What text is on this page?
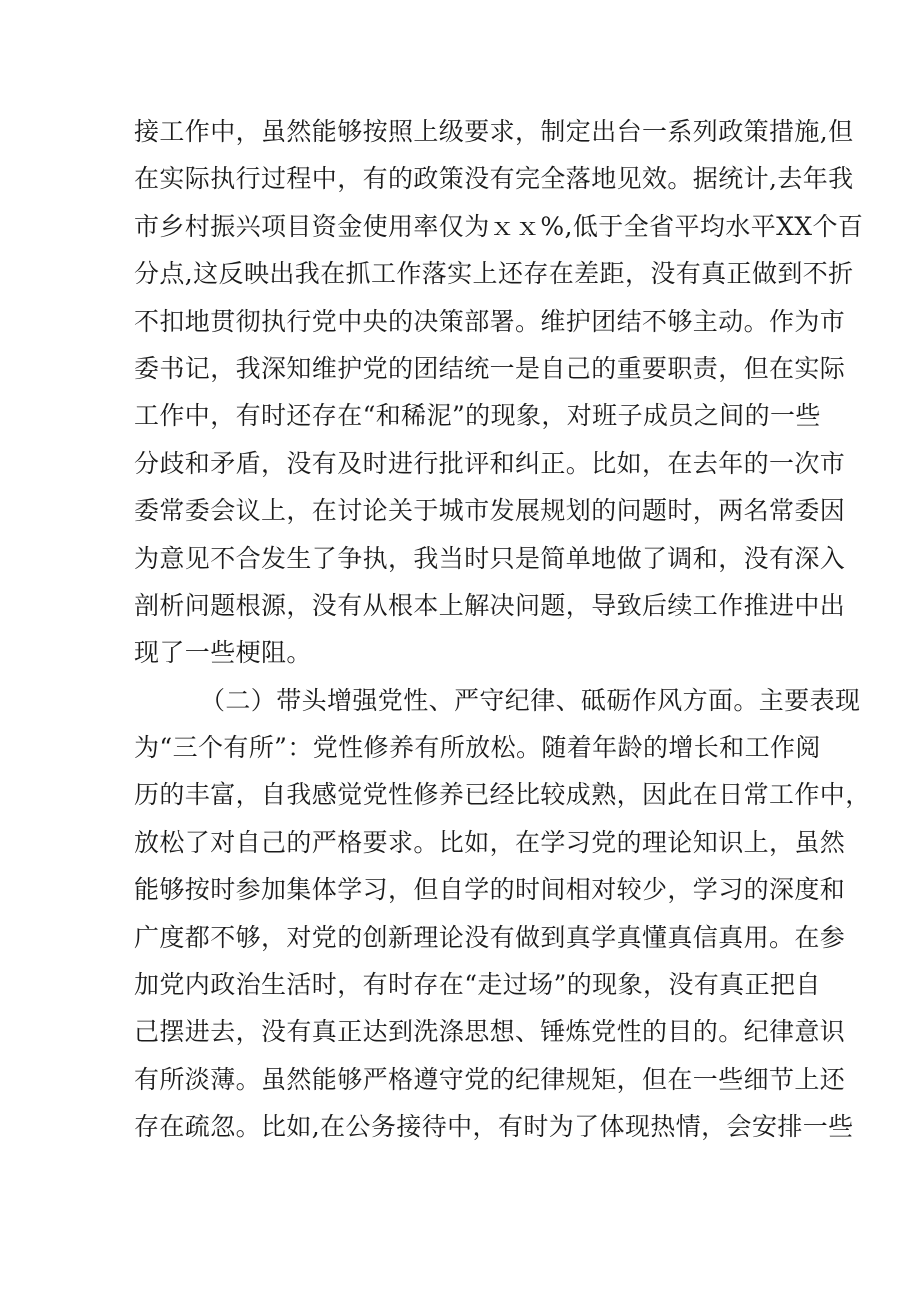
接工作中，虽然能够按照上级要求，制定出台一系列政策措施,但
在实际执行过程中，有的政策没有完全落地见效。据统计,去年我
市乡村振兴项目资金使用率仅为ｘｘ%,低于全省平均水平XX个百
分点,这反映出我在抓工作落实上还存在差距，没有真正做到不折
不扣地贯彻执行党中央的决策部署。维护团结不够主动。作为市
委书记，我深知维护党的团结统一是自己的重要职责，但在实际
工作中，有时还存在“和稀泥”的现象，对班子成员之间的一些
分歧和矛盾，没有及时进行批评和纠正。比如，在去年的一次市
委常委会议上，在讨论关于城市发展规划的问题时，两名常委因
为意见不合发生了争执，我当时只是简单地做了调和，没有深入
剖析问题根源，没有从根本上解决问题，导致后续工作推进中出
现了一些梗阻。
（二）带头增强党性、严守纪律、砥砺作风方面。主要表现
为“三个有所”：党性修养有所放松。随着年龄的增长和工作阅
历的丰富，自我感觉党性修养已经比较成熟，因此在日常工作中，
放松了对自己的严格要求。比如，在学习党的理论知识上，虽然
能够按时参加集体学习，但自学的时间相对较少，学习的深度和
广度都不够，对党的创新理论没有做到真学真懂真信真用。在参
加党内政治生活时，有时存在“走过场”的现象，没有真正把自
己摆进去，没有真正达到洗涤思想、锤炼党性的目的。纪律意识
有所淡薄。虽然能够严格遵守党的纪律规矩，但在一些细节上还
存在疏忽。比如,在公务接待中，有时为了体现热情，会安排一些
